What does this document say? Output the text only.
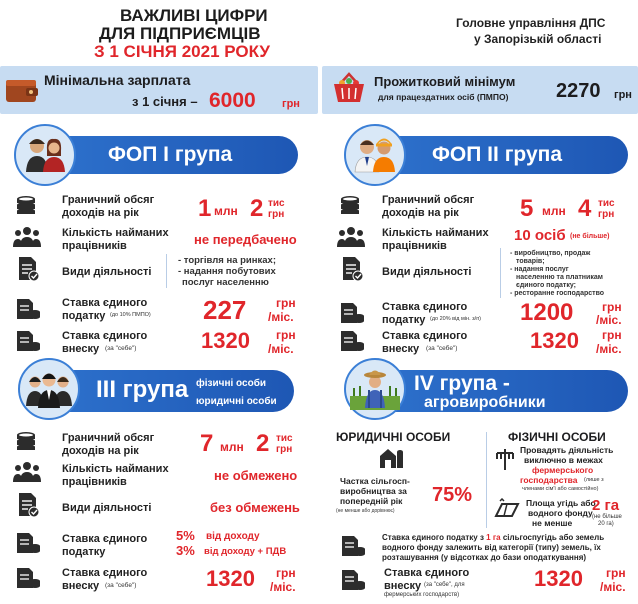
ВАЖЛИВІ ЦИФРИ
ДЛЯ ПІДПРИЄМЦІВ
З 1 СІЧНЯ 2021 РОКУ
Головне управління ДПС
у Запорізькій області
Мінімальна зарплата
з 1 січня – 6000 грн
Прожитковий мінімум
для працездатних осіб (ПМПО) 2270 грн
ФОП І група	ФОП ІІ група
Граничний обсяг
доходів на рік 1 млн 2 тис
грн
Кількість найманих
працівників	не передбачено
Види діяльності
- торгівля на ринках;
- надання побутових
послуг населенню
Ставка єдиного
податку (до 10% ПМПО) 227 грн
/міс.
Ставка єдиного
внеску (за "себе")	1320 грн
/міс.
Граничний обсяг
доходів на рік	5 млн 4 тис
грн
Кількість найманих
працівників
10 осіб (не більше)
Види діяльності
- виробництво, продаж
товарів;
- надання послуг
населенню та платникам
єдиного податку;
- ресторанне господарство
Ставка єдиного
податку (до 20% від мін. з/п) 1200 грн
/міс.
Ставка єдиного
внеску (за "себе")	1320 грн
/міс.
ІІІ група фізичні особи
юридичні особи
IV група -
агровиробники
Граничний обсяг
доходів на рік	7 млн 2 тис
грн
Кількість найманих
працівників	не обмежено
Види діяльності	без обмежень
Ставка єдиного
податку
5% від доходу
3% від доходу + ПДВ
Ставка єдиного
внеску (за "себе")	1320 грн
/міс.
ЮРИДИЧНІ ОСОБИ	ФІЗИЧНІ ОСОБИ
Частка сільгосп-
виробництва за
попередній рік
(не менше або дорівнює)
75%
Провадять діяльність
виключно в межах
фермерського
господарства (лише з
членами сім'ї або самостійно)
Площа угідь або
водного фонду
не менше
2 га
(не більше
20 га)
Ставка єдиного податку з 1 га сільгоспугідь або земель
водного фонду залежить від категорії (типу) земель, їх
розташування (у відсотках до бази оподаткування)
Ставка єдиного
внеску (за "себе", для
фермерських господарств)
1320 грн
/міс.
